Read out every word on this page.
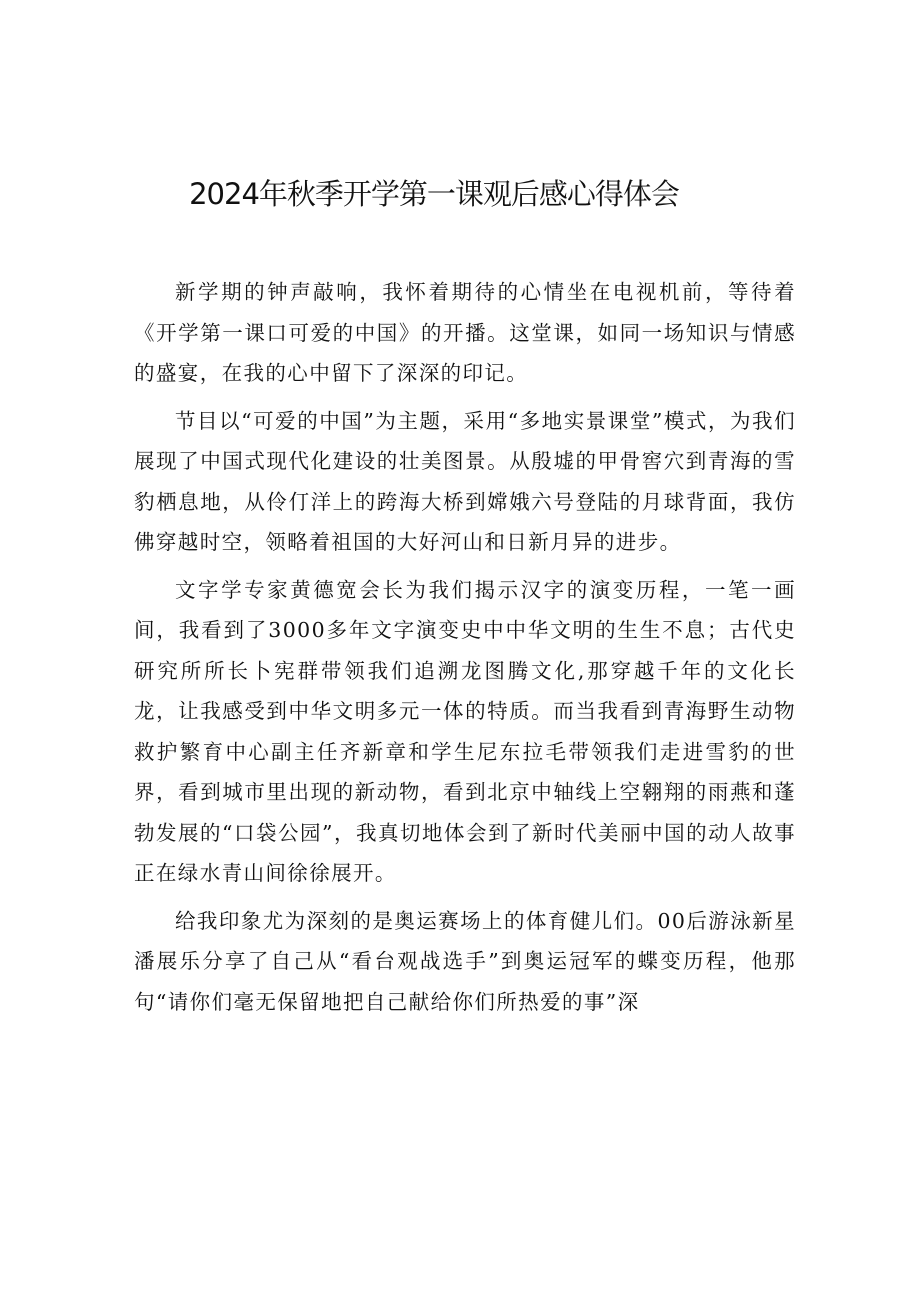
2024年秋季开学第一课观后感心得体会

新学期的钟声敲响，我怀着期待的心情坐在电视机前，等待着《开学第一课口可爱的中国》的开播。这堂课，如同一场知识与情感的盛宴，在我的心中留下了深深的印记。

节目以“可爱的中国”为主题，采用“多地实景课堂”模式，为我们展现了中国式现代化建设的壮美图景。从殷墟的甲骨窖穴到青海的雪豹栖息地，从伶仃洋上的跨海大桥到嫦娥六号登陆的月球背面，我仿佛穿越时空，领略着祖国的大好河山和日新月异的进步。

文字学专家黄德宽会长为我们揭示汉字的演变历程，一笔一画间，我看到了3000多年文字演变史中中华文明的生生不息；古代史研究所所长卜宪群带领我们追溯龙图腾文化,那穿越千年的文化长龙，让我感受到中华文明多元一体的特质。而当我看到青海野生动物救护繁育中心副主任齐新章和学生尼东拉毛带领我们走进雪豹的世界，看到城市里出现的新动物，看到北京中轴线上空翱翔的雨燕和蓬勃发展的“口袋公园”，我真切地体会到了新时代美丽中国的动人故事正在绿水青山间徐徐展开。

给我印象尤为深刻的是奥运赛场上的体育健儿们。00后游泳新星潘展乐分享了自己从“看台观战选手”到奥运冠军的蝶变历程，他那句“请你们毫无保留地把自己献给你们所热爱的事”深
